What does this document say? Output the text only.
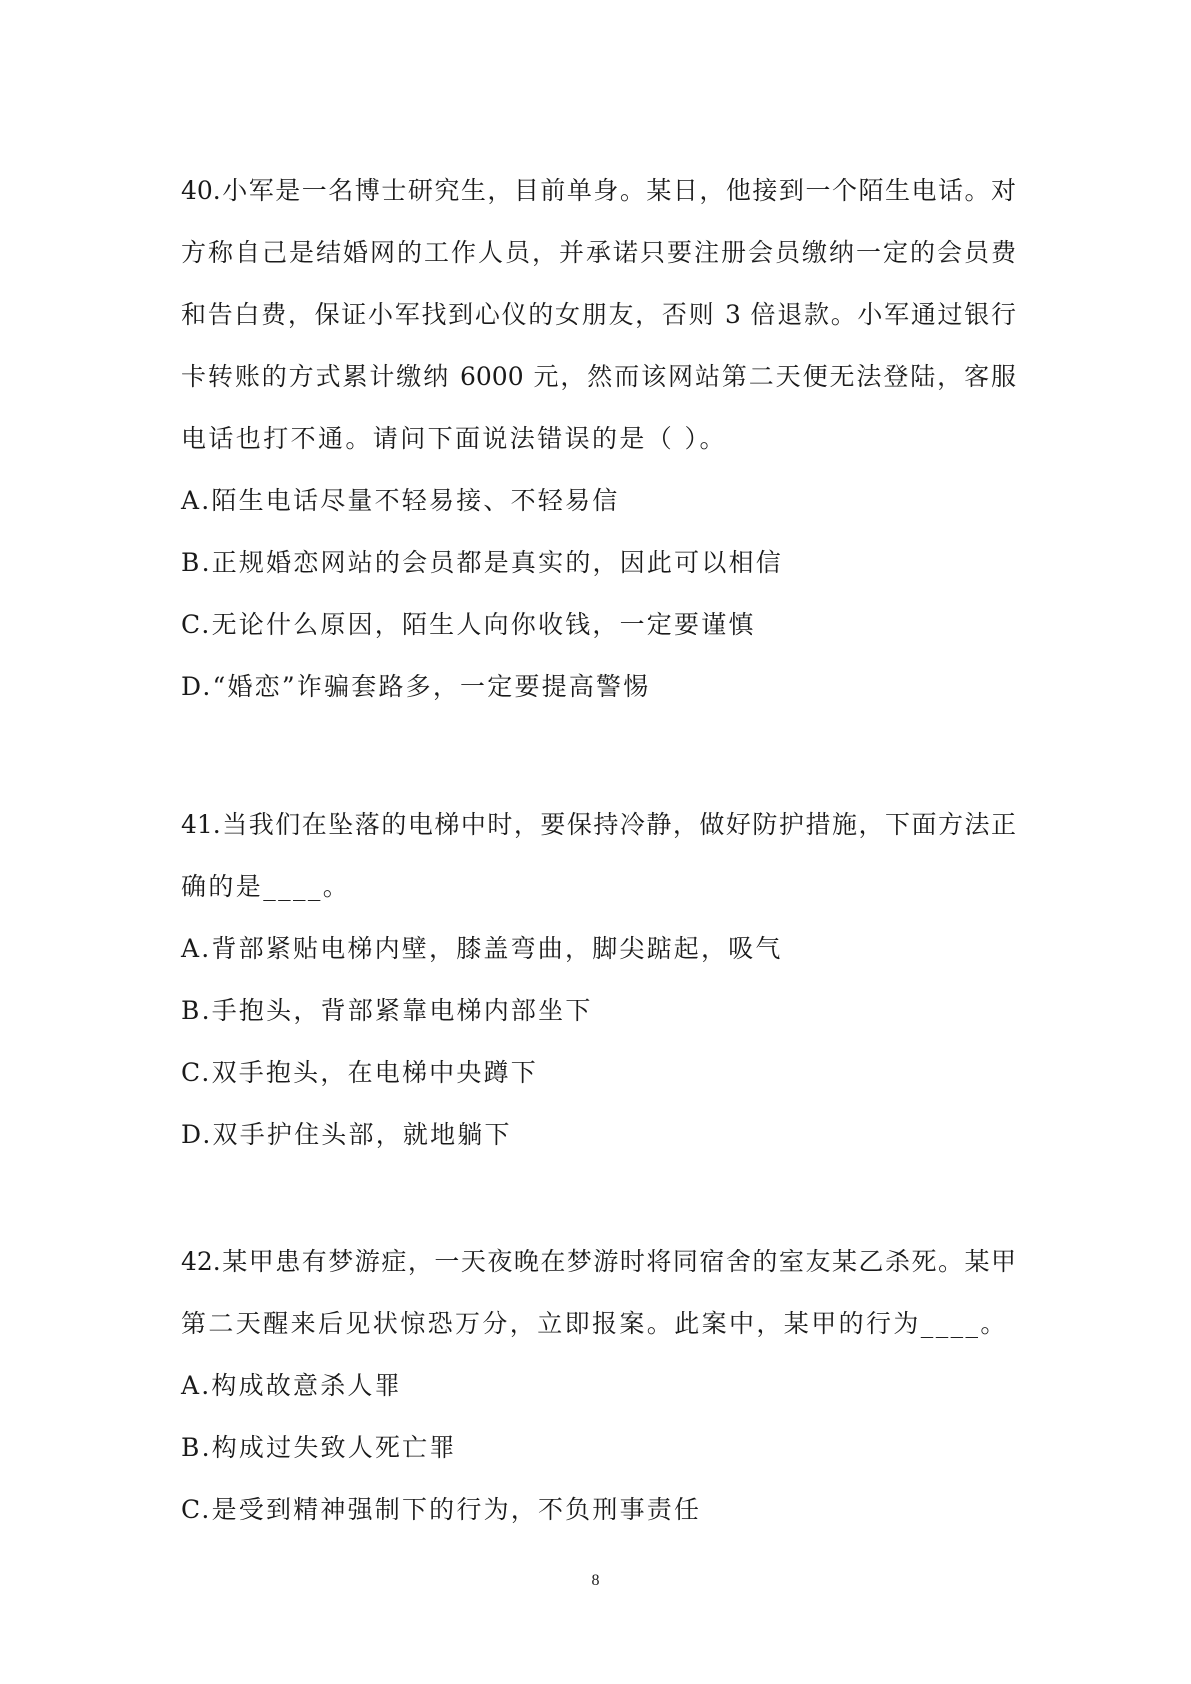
40.小军是一名博士研究生，目前单身。某日，他接到一个陌生电话。对
方称自己是结婚网的工作人员，并承诺只要注册会员缴纳一定的会员费
和告白费，保证小军找到心仪的女朋友，否则 3 倍退款。小军通过银行
卡转账的方式累计缴纳 6000 元，然而该网站第二天便无法登陆，客服
电话也打不通。请问下面说法错误的是（ ）。
A.陌生电话尽量不轻易接、不轻易信
B.正规婚恋网站的会员都是真实的，因此可以相信
C.无论什么原因，陌生人向你收钱，一定要谨慎
D.“婚恋”诈骗套路多，一定要提高警惕
41.当我们在坠落的电梯中时，要保持冷静，做好防护措施，下面方法正
确的是____。
A.背部紧贴电梯内壁，膝盖弯曲，脚尖踮起，吸气
B.手抱头，背部紧靠电梯内部坐下
C.双手抱头，在电梯中央蹲下
D.双手护住头部，就地躺下
42.某甲患有梦游症，一天夜晚在梦游时将同宿舍的室友某乙杀死。某甲
第二天醒来后见状惊恐万分，立即报案。此案中，某甲的行为____。
A.构成故意杀人罪
B.构成过失致人死亡罪
C.是受到精神强制下的行为，不负刑事责任
8
